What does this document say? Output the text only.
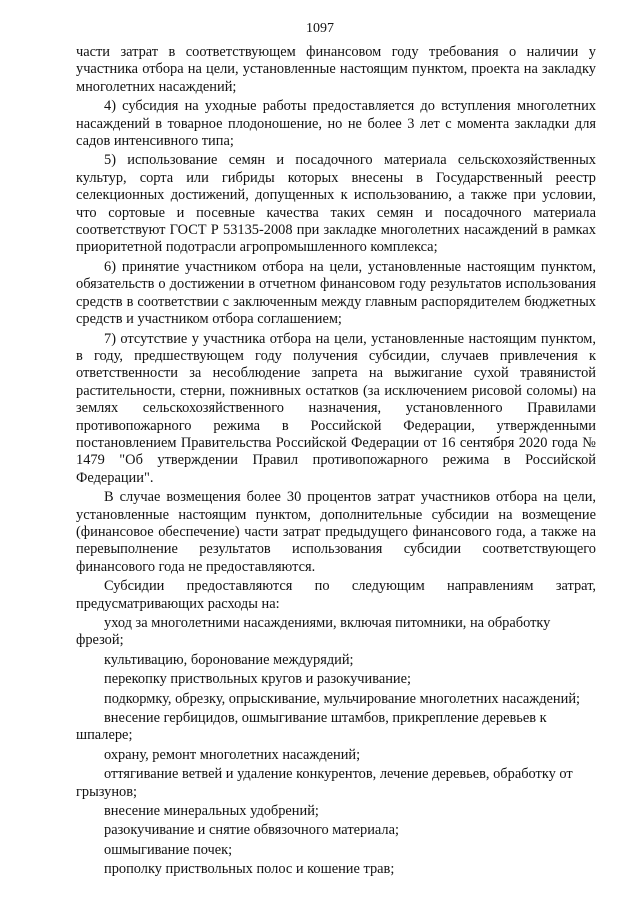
1097

части затрат в соответствующем финансовом году требования о наличии у участника отбора на цели, установленные настоящим пунктом, проекта на закладку многолетних насаждений;

4) субсидия на уходные работы предоставляется до вступления многолетних насаждений в товарное плодоношение, но не более 3 лет с момента закладки для садов интенсивного типа;

5) использование семян и посадочного материала сельскохозяйственных культур, сорта или гибриды которых внесены в Государственный реестр селекционных достижений, допущенных к использованию, а также при условии, что сортовые и посевные качества таких семян и посадочного материала соответствуют ГОСТ Р 53135-2008 при закладке многолетних насаждений в рамках приоритетной подотрасли агропромышленного комплекса;

6) принятие участником отбора на цели, установленные настоящим пунктом, обязательств о достижении в отчетном финансовом году результатов использования средств в соответствии с заключенным между главным распорядителем бюджетных средств и участником отбора соглашением;

7) отсутствие у участника отбора на цели, установленные настоящим пунктом, в году, предшествующем году получения субсидии, случаев привлечения к ответственности за несоблюдение запрета на выжигание сухой травянистой растительности, стерни, пожнивных остатков (за исключением рисовой соломы) на землях сельскохозяйственного назначения, установленного Правилами противопожарного режима в Российской Федерации, утвержденными постановлением Правительства Российской Федерации от 16 сентября 2020 года № 1479 "Об утверждении Правил противопожарного режима в Российской Федерации".

В случае возмещения более 30 процентов затрат участников отбора на цели, установленные настоящим пунктом, дополнительные субсидии на возмещение (финансовое обеспечение) части затрат предыдущего финансового года, а также на перевыполнение результатов использования субсидии соответствующего финансового года не предоставляются.

Субсидии предоставляются по следующим направлениям затрат, предусматривающих расходы на:

уход за многолетними насаждениями, включая питомники, на обработку фрезой;

культивацию, боронование междурядий;

перекопку приствольных кругов и разокучивание;

подкормку, обрезку, опрыскивание, мульчирование многолетних насаждений;

внесение гербицидов, ошмыгивание штамбов, прикрепление деревьев к шпалере;

охрану, ремонт многолетних насаждений;

оттягивание ветвей и удаление конкурентов, лечение деревьев, обработку от грызунов;

внесение минеральных удобрений;

разокучивание и снятие обвязочного материала;

ошмыгивание почек;

прополку приствольных полос и кошение трав;
